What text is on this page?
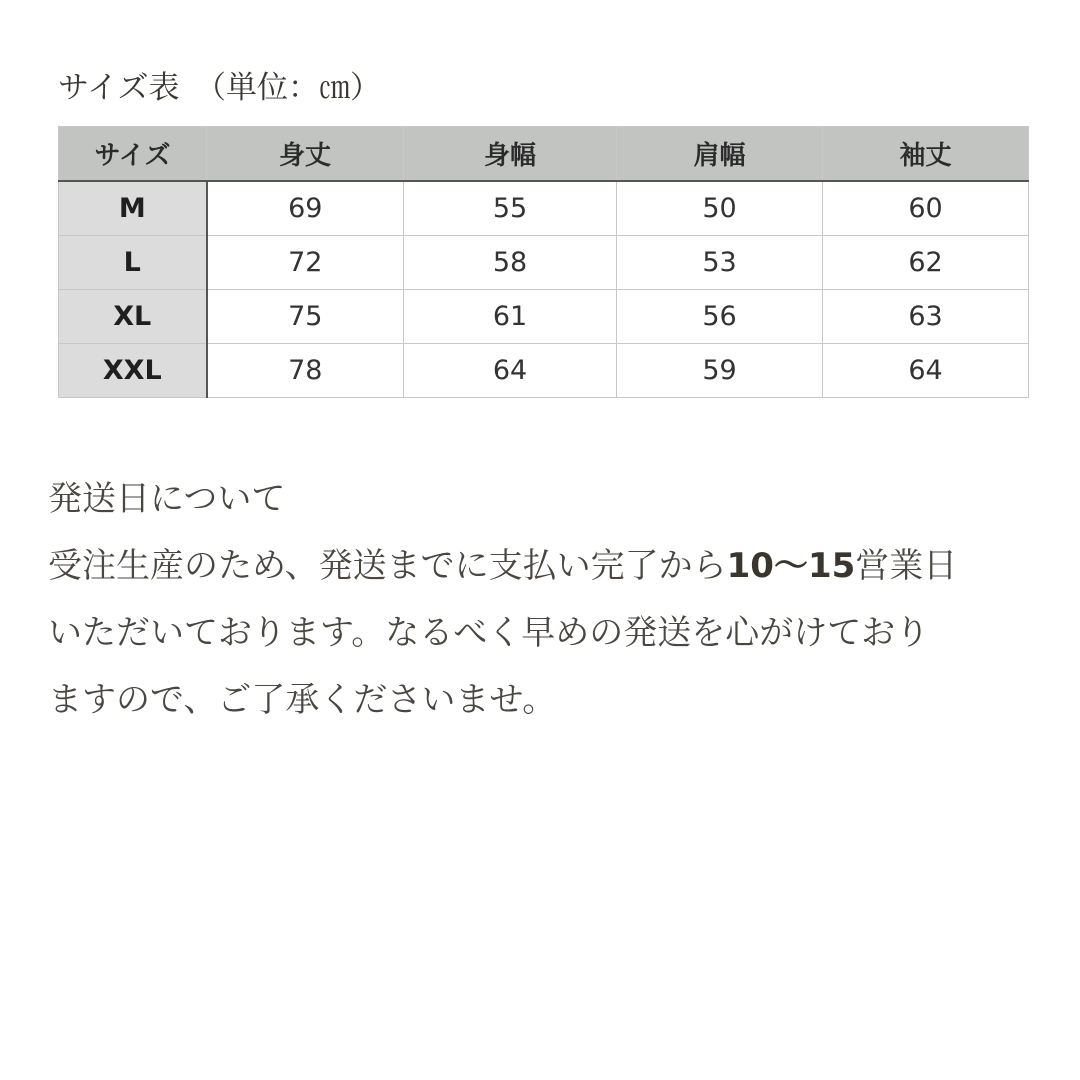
サイズ表　（単位：㎝）
サイズ	身丈	身幅	肩幅	袖丈
M	69	55	50	60
L	72	58	53	62
XL	75	61	56	63
XXL	78	64	59	64
発送日について
受注生産のため、発送までに支払い完了から10〜15営業日
いただいております。なるべく早めの発送を心がけており
ますので、ご了承くださいませ。
